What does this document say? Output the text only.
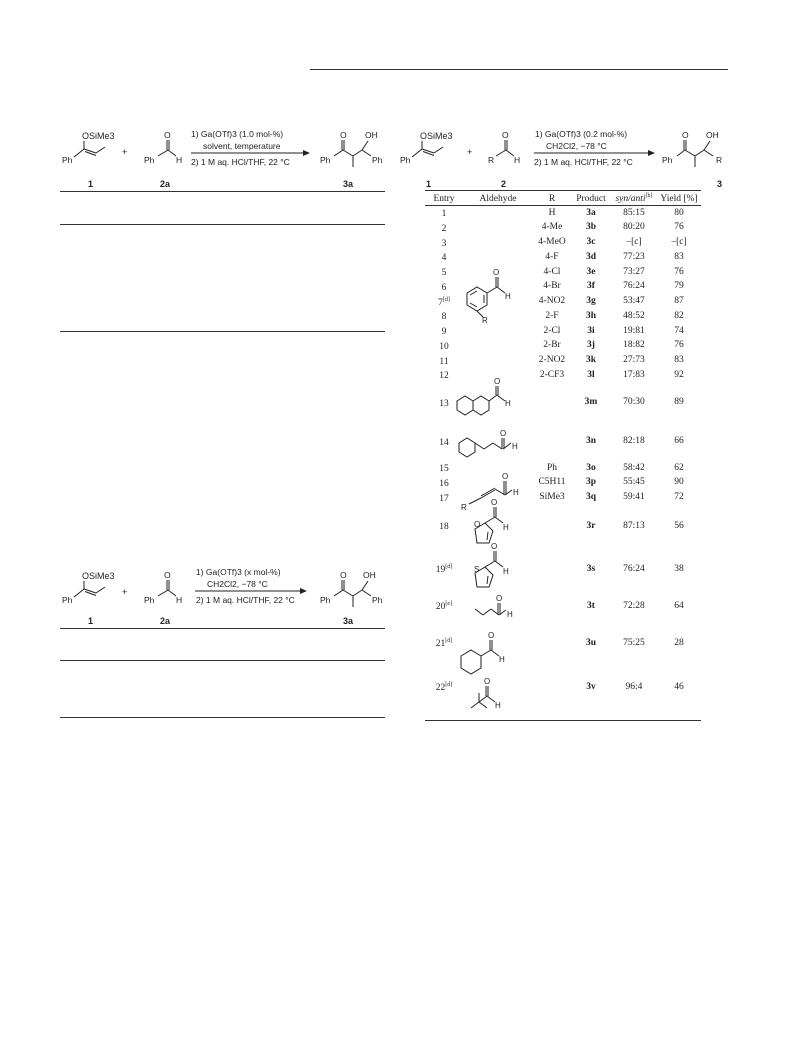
OSiMe3
Ph
+
O
Ph	H
1) Ga(OTf)3 (1.0 mol-%)
solvent, temperature
2) 1 M aq. HCl/THF, 22 °C
O OH
Ph	Ph
1	2a	3a
OSiMe3
Ph
+
O
Ph	H
1) Ga(OTf)3 (x mol-%)
CH2Cl2, −78 °C
2) 1 M aq. HCl/THF, 22 °C
O OH
Ph	Ph
1	2a	3a
OSiMe3
Ph
+
O
R H
1) Ga(OTf)3 (0.2 mol-%)
CH2Cl2, −78 °C
2) 1 M aq. HCl/THF, 22 °C
O OH
Ph	R
1	2	3
Entry	Aldehyde	R	Product	syn/anti[b]	Yield [%]
1		H	3a	85:15	80
2		4-Me	3b	80:20	76
3		4-MeO	3c	–[c]	–[c]
4		4-F	3d	77:23	83
5		4-Cl	3e	73:27	76
6		4-Br	3f	76:24	79
7[d]		4-NO2	3g	53:47	87
8		2-F	3h	48:52	82
9		2-Cl	3i	19:81	74
10		2-Br	3j	18:82	76
11		2-NO2	3k	27:73	83
12		2-CF3	3l	17:83	92
13			3m	70:30	89
14			3n	82:18	66
15		Ph	3o	58:42	62
16		C5H11	3p	55:45	90
17		SiMe3	3q	59:41	72
18			3r	87:13	56
19[d]			3s	76:24	38
20[e]			3t	72:28	64
21[d]			3u	75:25	28
22[d]			3v	96:4	46
O
H
R
O
H
O
H
O
H
R
O
H
O
O
H
S
O
H
O
H
O
H
